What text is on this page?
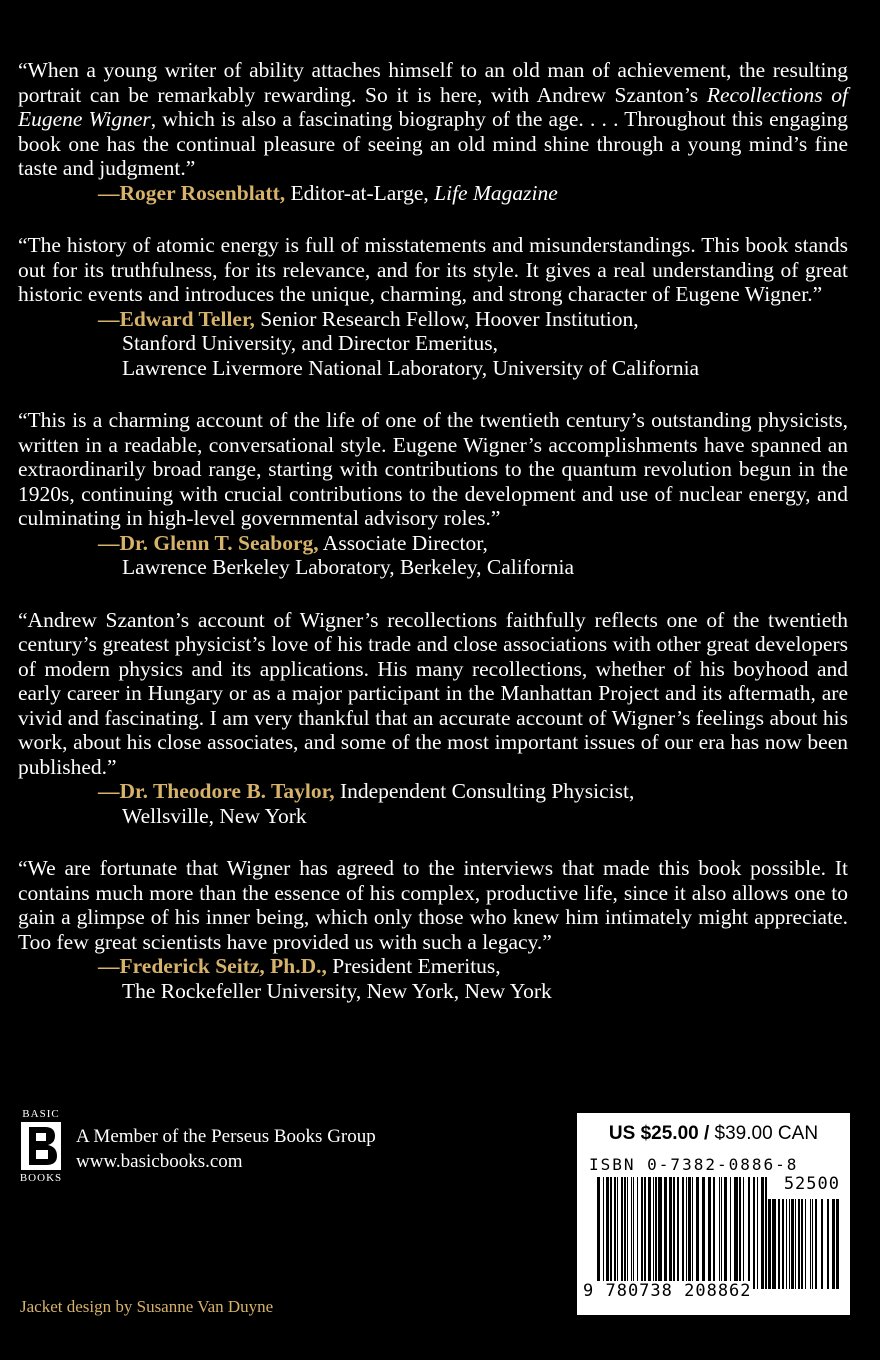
“When a young writer of ability attaches himself to an old man of achievement, the resulting portrait can be remarkably rewarding. So it is here, with Andrew Szanton’s Recollections of Eugene Wigner, which is also a fascinating biography of the age. . . . Throughout this engaging book one has the continual pleasure of seeing an old mind shine through a young mind’s fine taste and judgment.”

—Roger Rosenblatt, Editor-at-Large, Life Magazine

“The history of atomic energy is full of misstatements and misunderstandings. This book stands out for its truthfulness, for its relevance, and for its style. It gives a real understanding of great historic events and introduces the unique, charming, and strong character of Eugene Wigner.”

—Edward Teller, Senior Research Fellow, Hoover Institution,
Stanford University, and Director Emeritus,
Lawrence Livermore National Laboratory, University of California

“This is a charming account of the life of one of the twentieth century’s outstanding physicists, written in a readable, conversational style. Eugene Wigner’s accomplishments have spanned an extraordinarily broad range, starting with contributions to the quantum revolution begun in the 1920s, continuing with crucial contributions to the development and use of nuclear energy, and culminating in high-level governmental advisory roles.”

—Dr. Glenn T. Seaborg, Associate Director,
Lawrence Berkeley Laboratory, Berkeley, California

“Andrew Szanton’s account of Wigner’s recollections faithfully reflects one of the twentieth century’s greatest physicist’s love of his trade and close associations with other great developers of modern physics and its applications. His many recollections, whether of his boyhood and early career in Hungary or as a major participant in the Manhattan Project and its aftermath, are vivid and fascinating. I am very thankful that an accurate account of Wigner’s feelings about his work, about his close associates, and some of the most important issues of our era has now been published.”

—Dr. Theodore B. Taylor, Independent Consulting Physicist,
Wellsville, New York

“We are fortunate that Wigner has agreed to the interviews that made this book possible. It contains much more than the essence of his complex, productive life, since it also allows one to gain a glimpse of his inner being, which only those who knew him intimately might appreciate. Too few great scientists have provided us with such a legacy.”

—Frederick Seitz, Ph.D., President Emeritus,
The Rockefeller University, New York, New York
BASIC
BOOKS
A Member of the Perseus Books Group
www.basicbooks.com
US $25.00 / $39.00 CAN
ISBN 0-7382-0886-8
52500
9 780738 208862
Jacket design by Susanne Van Duyne
